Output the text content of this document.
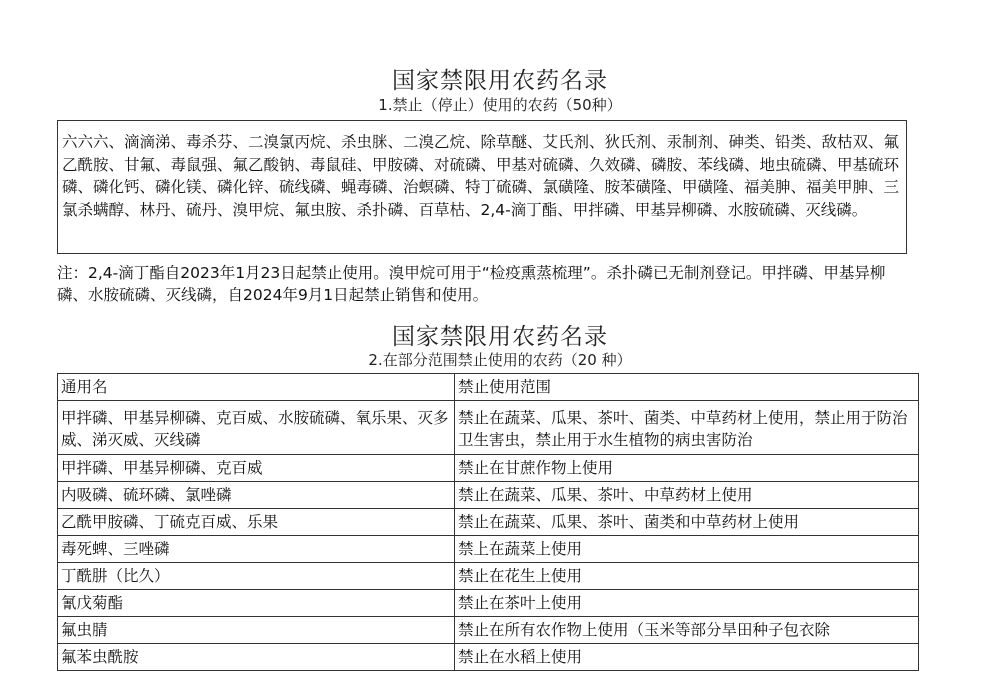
国家禁限用农药名录
1.禁止（停止）使用的农药（50种）
六六六、滴滴涕、毒杀芬、二溴氯丙烷、杀虫脒、二溴乙烷、除草醚、艾氏剂、狄氏剂、汞制剂、砷类、铅类、敌枯双、氟乙酰胺、甘氟、毒鼠强、氟乙酸钠、毒鼠硅、甲胺磷、对硫磷、甲基对硫磷、久效磷、磷胺、苯线磷、地虫硫磷、甲基硫环磷、磷化钙、磷化镁、磷化锌、硫线磷、蝇毒磷、治螟磷、特丁硫磷、氯磺隆、胺苯磺隆、甲磺隆、福美胂、福美甲胂、三氯杀螨醇、林丹、硫丹、溴甲烷、氟虫胺、杀扑磷、百草枯、2,4-滴丁酯、甲拌磷、甲基异柳磷、水胺硫磷、灭线磷。
注：2,4-滴丁酯自2023年1月23日起禁止使用。溴甲烷可用于“检疫熏蒸梳理”。杀扑磷已无制剂登记。甲拌磷、甲基异柳磷、水胺硫磷、灭线磷，自2024年9月1日起禁止销售和使用。
国家禁限用农药名录
2.在部分范围禁止使用的农药（20 种）
通用名	禁止使用范围
甲拌磷、甲基异柳磷、克百威、水胺硫磷、氧乐果、灭多威、涕灭威、灭线磷	禁止在蔬菜、瓜果、茶叶、菌类、中草药材上使用，禁止用于防治卫生害虫，禁止用于水生植物的病虫害防治
甲拌磷、甲基异柳磷、克百威	禁止在甘蔗作物上使用
内吸磷、硫环磷、氯唑磷	禁止在蔬菜、瓜果、茶叶、中草药材上使用
乙酰甲胺磷、丁硫克百威、乐果	禁止在蔬菜、瓜果、茶叶、菌类和中草药材上使用
毒死蜱、三唑磷	禁上在蔬菜上使用
丁酰肼（比久）	禁止在花生上使用
氰戊菊酯	禁止在茶叶上使用
氟虫腈	禁止在所有农作物上使用（玉米等部分旱田种子包衣除
氟苯虫酰胺	禁止在水稻上使用
